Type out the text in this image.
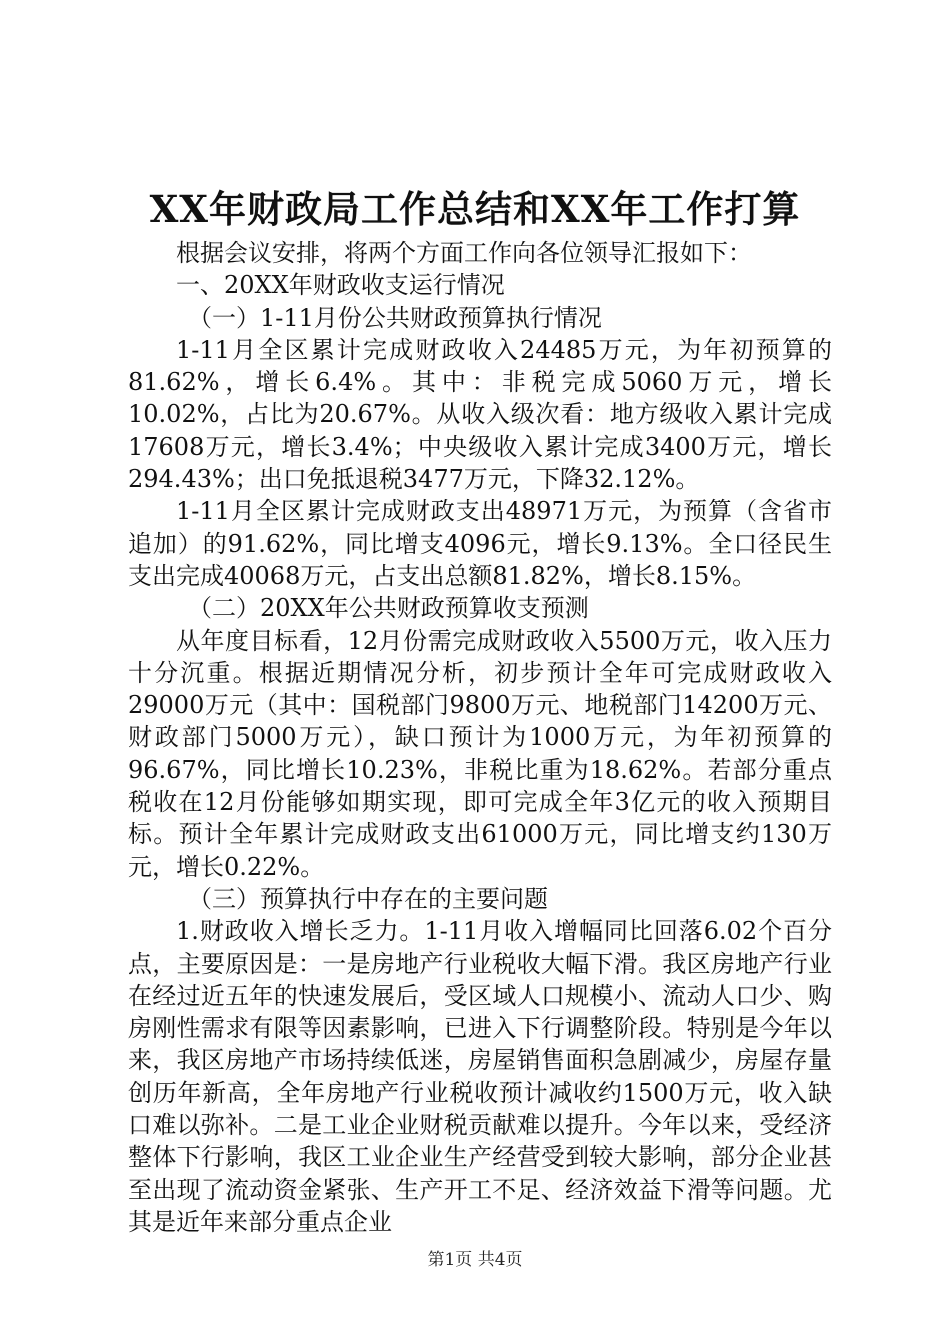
XX年财政局工作总结和XX年工作打算

根据会议安排，将两个方面工作向各位领导汇报如下：

一、20XX年财政收支运行情况

（一）1-11月份公共财政预算执行情况

1-11月全区累计完成财政收入24485万元，为年初预算的81.62%，增长6.4%。其中：非税完成5060万元，增长10.02%，占比为20.67%。从收入级次看：地方级收入累计完成17608万元，增长3.4%；中央级收入累计完成3400万元，增长294.43%；出口免抵退税3477万元，下降32.12%。

1-11月全区累计完成财政支出48971万元，为预算（含省市追加）的91.62%，同比增支4096元，增长9.13%。全口径民生支出完成40068万元，占支出总额81.82%，增长8.15%。

（二）20XX年公共财政预算收支预测

从年度目标看，12月份需完成财政收入5500万元，收入压力十分沉重。根据近期情况分析，初步预计全年可完成财政收入29000万元（其中：国税部门9800万元、地税部门14200万元、财政部门5000万元），缺口预计为1000万元，为年初预算的96.67%，同比增长10.23%，非税比重为18.62%。若部分重点税收在12月份能够如期实现，即可完成全年3亿元的收入预期目标。预计全年累计完成财政支出61000万元，同比增支约130万元，增长0.22%。

（三）预算执行中存在的主要问题

1.财政收入增长乏力。1-11月收入增幅同比回落6.02个百分点，主要原因是：一是房地产行业税收大幅下滑。我区房地产行业在经过近五年的快速发展后，受区域人口规模小、流动人口少、购房刚性需求有限等因素影响，已进入下行调整阶段。特别是今年以来，我区房地产市场持续低迷，房屋销售面积急剧减少，房屋存量创历年新高，全年房地产行业税收预计减收约1500万元，收入缺口难以弥补。二是工业企业财税贡献难以提升。今年以来，受经济整体下行影响，我区工业企业生产经营受到较大影响，部分企业甚至出现了流动资金紧张、生产开工不足、经济效益下滑等问题。尤其是近年来部分重点企业

第1页 共4页
